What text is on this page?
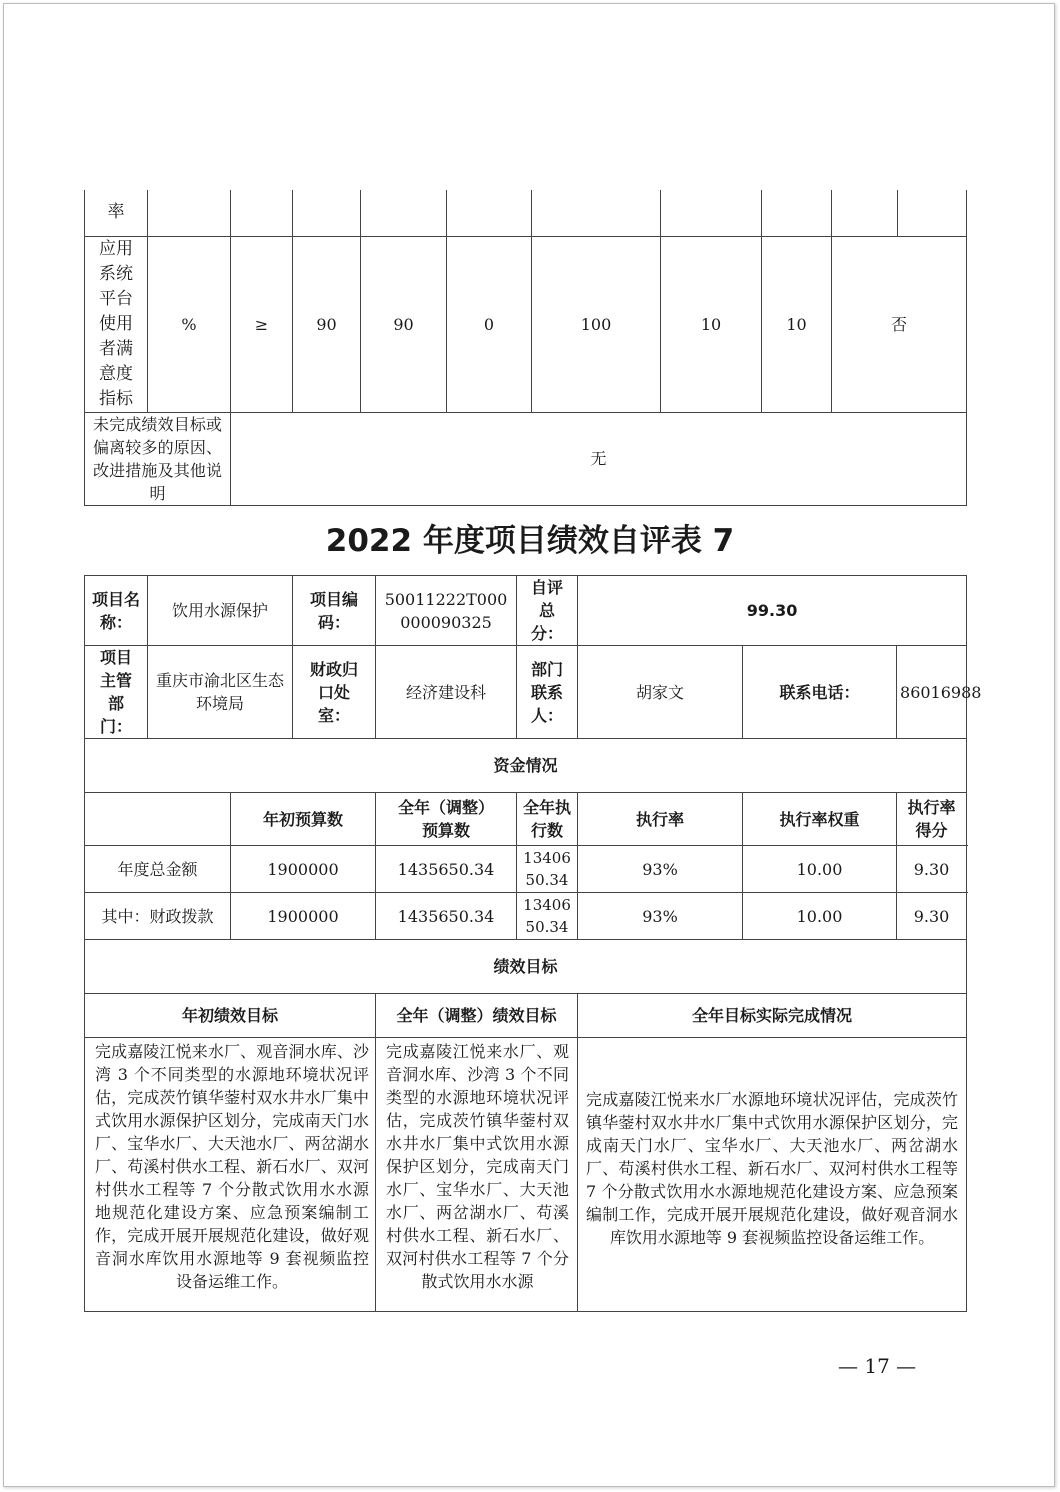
率											

应用系统平台使用者满意度指标	%	≥	90	90	0	100	10	10	否		
未完成绩效目标或偏离较多的原因、改进措施及其他说明		无									
2022 年度项目绩效自评表 7
项目名称：	饮用水源保护		项目编码：	50011222T000000090325	自评总分：	99.30		
项目主管部门：	重庆市渝北区生态环境局		财政归口处室：	经济建设科	部门联系人：	胡家文	联系电话：	86016988
资金情况								
		年初预算数		全年（调整）预算数	全年执行数	执行率	执行率权重	执行率得分
年度总金额		1900000		1435650.34	1340650.34	93%	10.00	9.30
其中：财政拨款		1900000		1435650.34	1340650.34	93%	10.00	9.30
绩效目标								
年初绩效目标				全年（调整）绩效目标		全年目标实际完成情况		
完成嘉陵江悦来水厂、观音洞水库、沙湾 3 个不同类型的水源地环境状况评估，完成茨竹镇华蓥村双水井水厂集中式饮用水源保护区划分，完成南天门水厂、宝华水厂、大天池水厂、两岔湖水厂、苟溪村供水工程、新石水厂、双河村供水工程等 7 个分散式饮用水水源地规范化建设方案、应急预案编制工作，完成开展开展规范化建设，做好观音洞水库饮用水源地等 9 套视频监控设备运维工作。				完成嘉陵江悦来水厂、观音洞水库、沙湾 3 个不同类型的水源地环境状况评估，完成茨竹镇华蓥村双水井水厂集中式饮用水源保护区划分，完成南天门水厂、宝华水厂、大天池水厂、两岔湖水厂、苟溪村供水工程、新石水厂、双河村供水工程等 7 个分散式饮用水水源		完成嘉陵江悦来水厂水源地环境状况评估，完成茨竹镇华蓥村双水井水厂集中式饮用水源保护区划分，完成南天门水厂、宝华水厂、大天池水厂、两岔湖水厂、苟溪村供水工程、新石水厂、双河村供水工程等 7 个分散式饮用水水源地规范化建设方案、应急预案编制工作，完成开展开展规范化建设，做好观音洞水库饮用水源地等 9 套视频监控设备运维工作。		
— 17 —
